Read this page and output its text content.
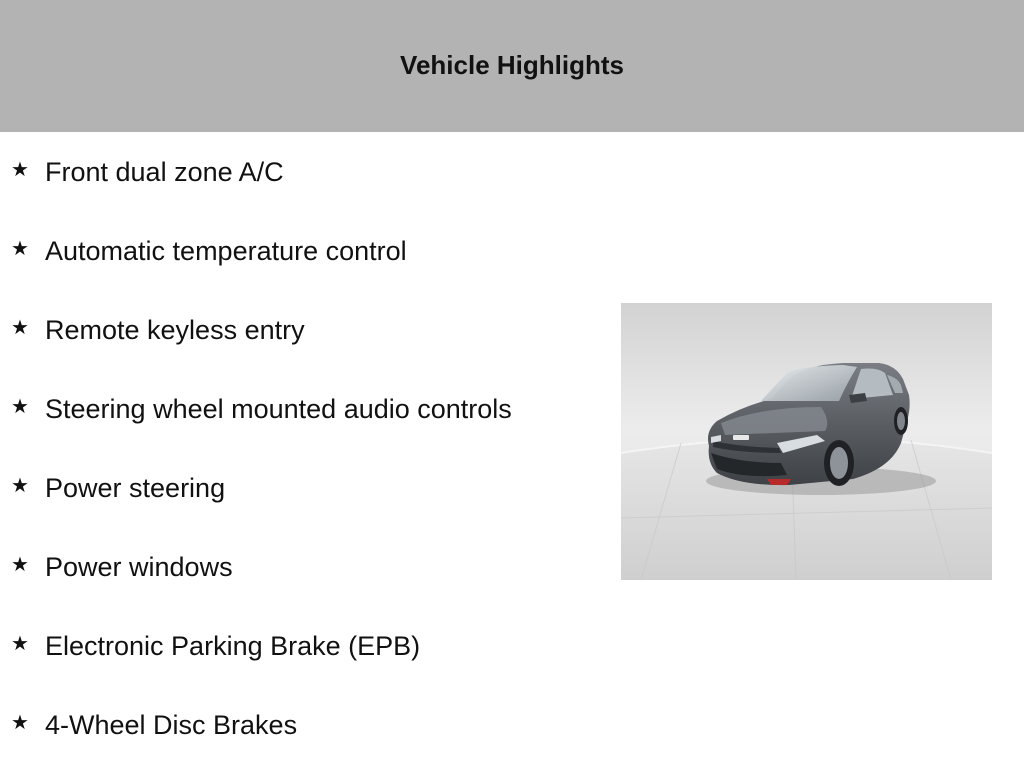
Vehicle Highlights
★ Front dual zone A/C
★ Automatic temperature control
★ Remote keyless entry
★ Steering wheel mounted audio controls
★ Power steering
★ Power windows
★ Electronic Parking Brake (EPB)
★ 4-Wheel Disc Brakes
